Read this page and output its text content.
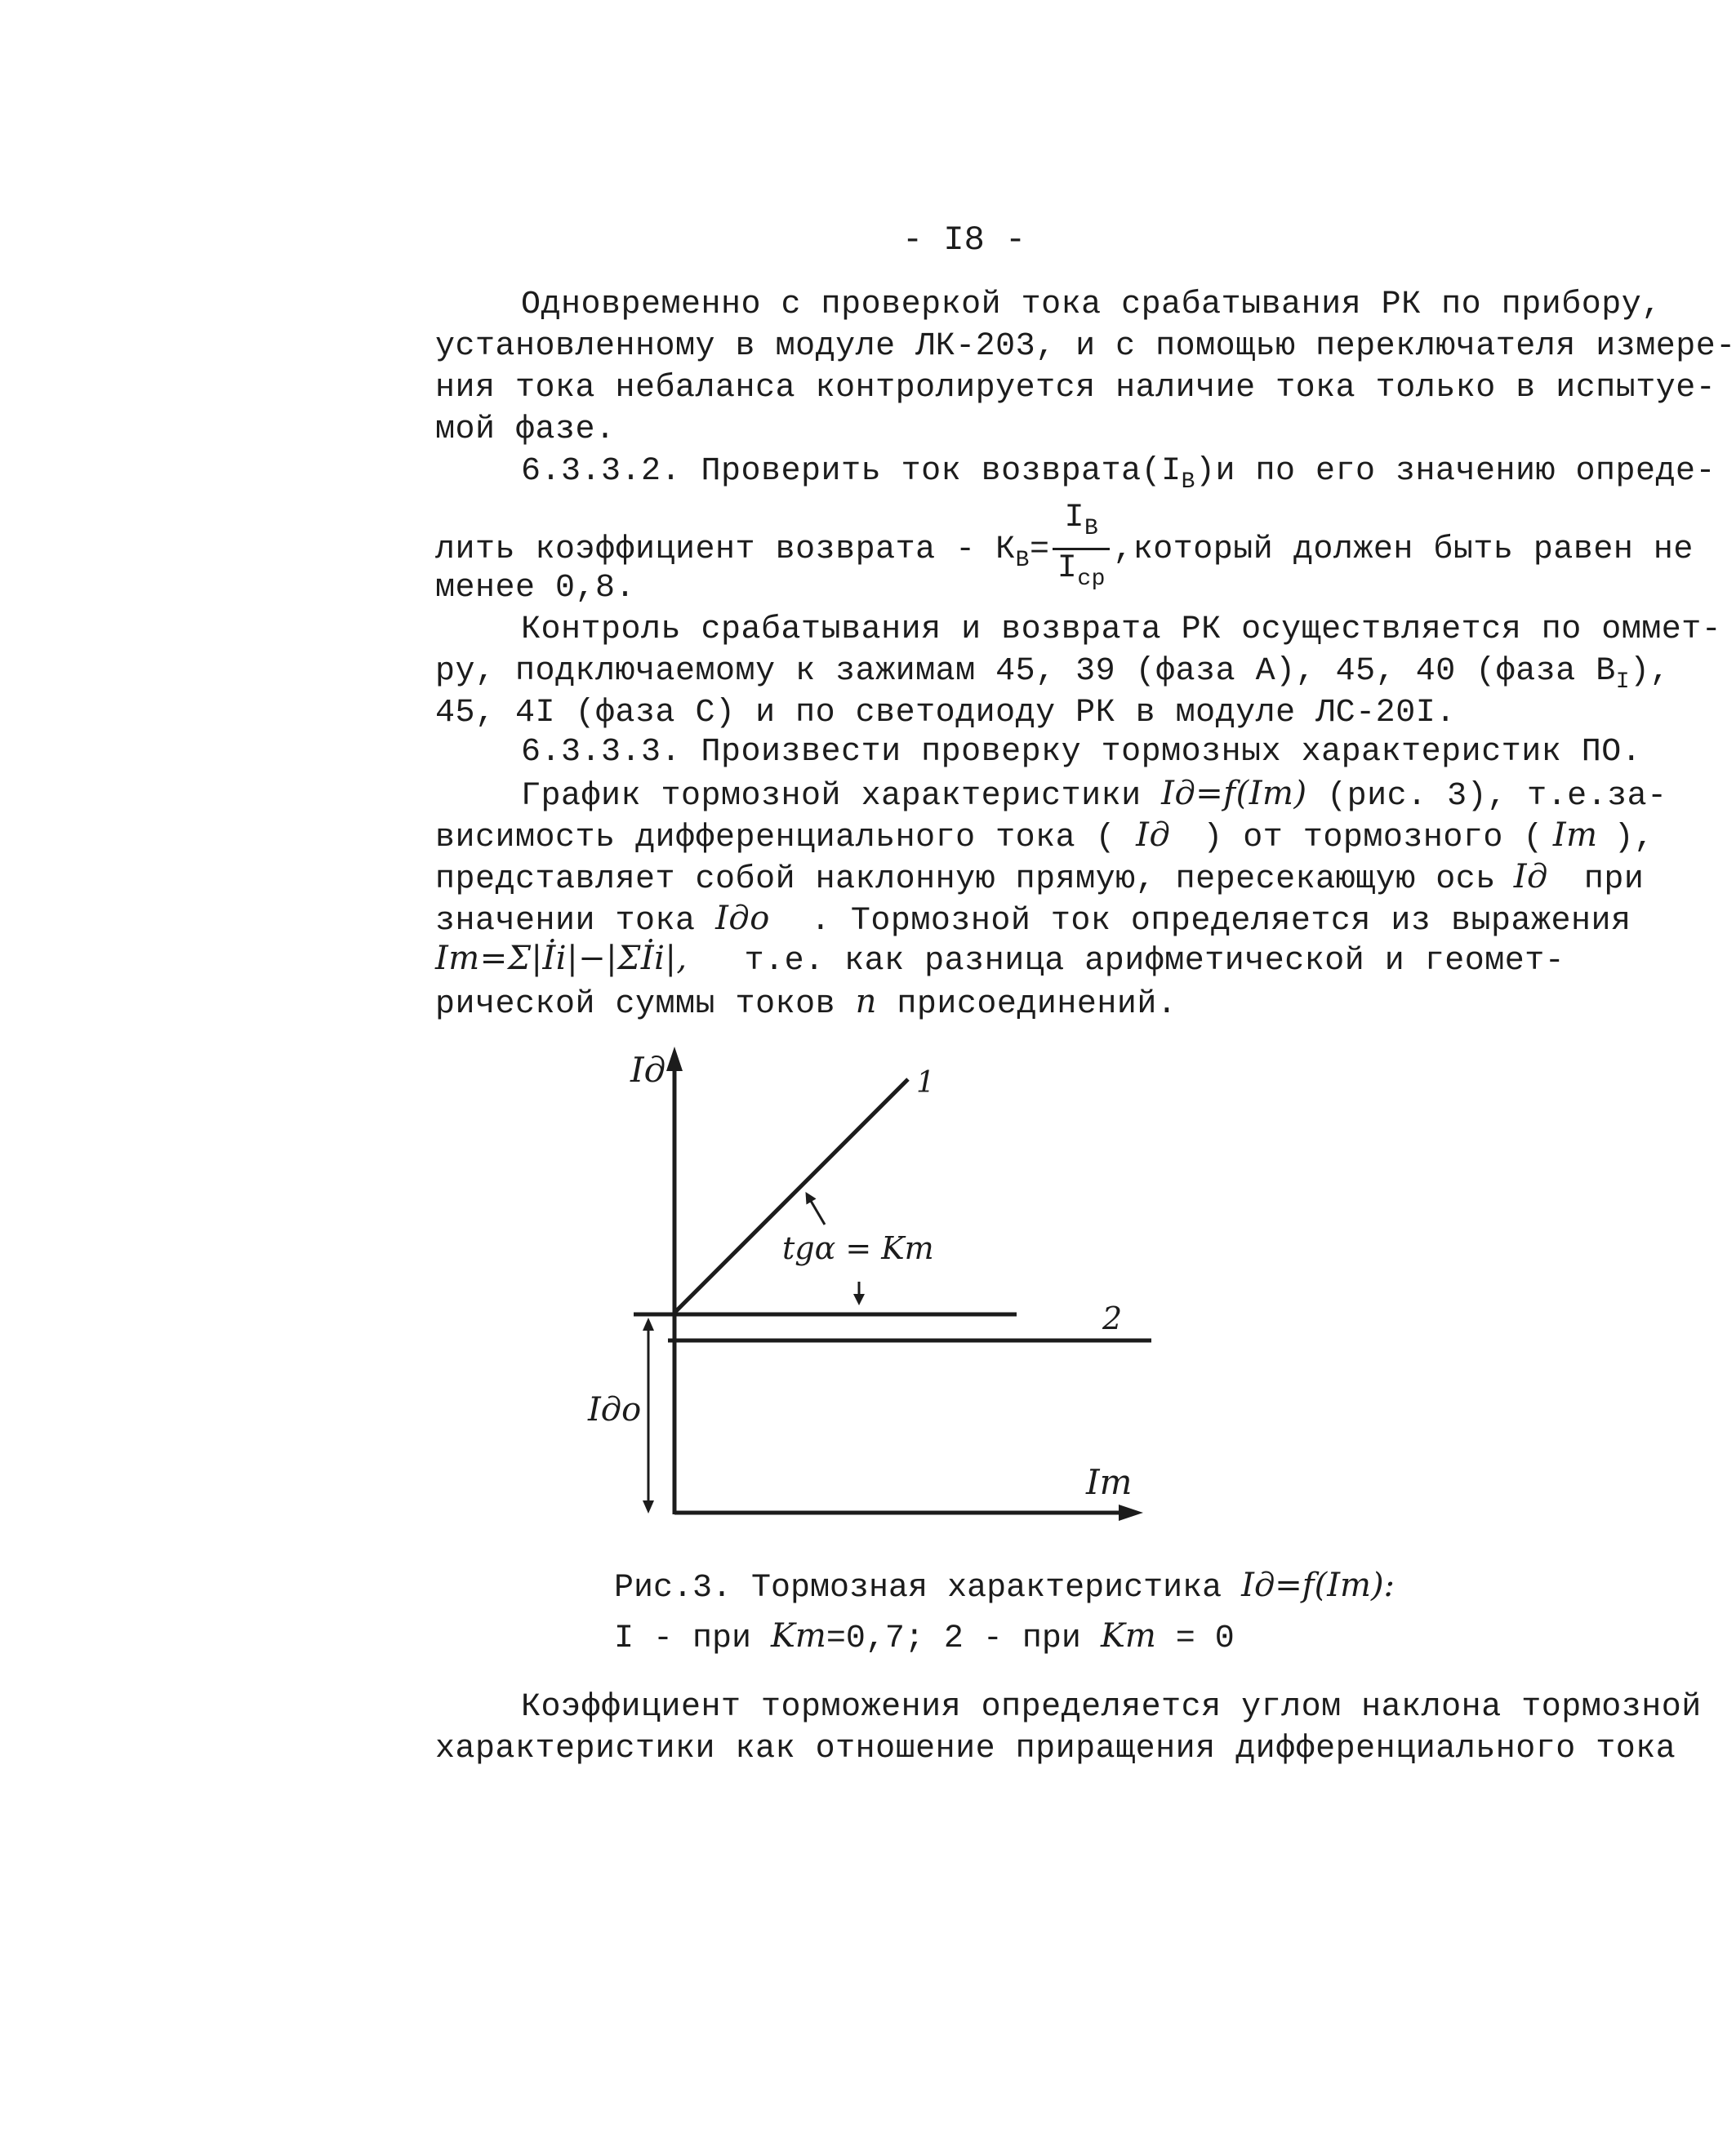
- I8 -
Одновременно с проверкой тока срабатывания РК по прибору,
установленному в модуле ЛК-203, и с помощью переключателя измере-
ния тока небаланса контролируется наличие тока только в испытуе-
мой фазе.
6.3.3.2. Проверить ток $возврата(I_В)и$ по его значению опреде-
лить коэффициент возврата - $К_В= \frac{I_В}{I_{ср}}$ ,который должен быть равен не
менее 0,8.
Контроль срабатывания и возврата РК осуществляется по оммет-
ру, подключаемому к зажимам 45, 39 (фаза А), 45, 40 (фаза $В_I$),
45, 4I (фаза С) и по светодиоду РК в модуле ЛС-20I.
6.3.3.3. Произвести проверку тормозных характеристик ПО.
График тормозной характеристики Iд=f(Iт) (рис. 3), т.е.за-
висимость дифференциального тока ( Iд ) от тормозного ( Iт ),
представляет собой наклонную прямую, пересекающую ось Iд при
значении тока Iдо . Тормозной ток определяется из выражения
Iт=Σ|İi|−|Σİi|, т.е. как разница арифметической и геомет-
рической суммы токов n присоединений.
Iд
Iт
Iдо
tgα = Kт
1
2
Рис.3. Тормозная характеристика Iд=f(Iт):
I - при Kт=0,7; 2 - при Kт = 0
Коэффициент торможения определяется углом наклона тормозной
характеристики как отношение приращения дифференциального тока
